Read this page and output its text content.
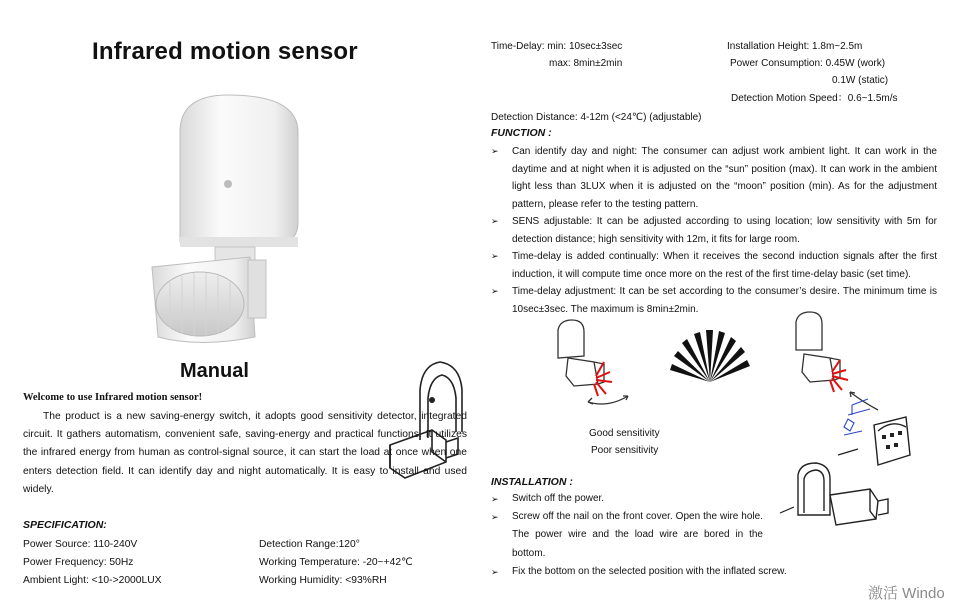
Infrared motion sensor
Manual
Welcome to use Infrared motion sensor!

The product is a new saving-energy switch, it adopts good sensitivity detector, integrated circuit. It gathers automatism, convenient safe, saving-energy and practical functions. It utilizes the infrared energy from human as control-signal source, it can start the load at once when one enters detection field. It can identify day and night automatically. It is easy to install and used widely.

SPECIFICATION:
Power Source: 110-240V
Power Frequency: 50Hz
Ambient Light: <10->2000LUX
Detection Range:120°
Working Temperature: -20~+42℃
Working Humidity: <93%RH
Time-Delay: min: 10sec±3sec
max: 8min±2min
Installation Height: 1.8m~2.5m
Power Consumption: 0.45W (work)
0.1W (static)
Detection Motion Speed：0.6~1.5m/s
Detection Distance: 4-12m (<24℃) (adjustable)
FUNCTION :
➢ Can identify day and night: The consumer can adjust work ambient light. It can work in the daytime and at night when it is adjusted on the “sun” position (max). It can work in the ambient light less than 3LUX when it is adjusted on the “moon” position (min). As for the adjustment pattern, please refer to the testing pattern.
➢ SENS adjustable: It can be adjusted according to using location; low sensitivity with 5m for detection distance; high sensitivity with 12m, it fits for large room.
➢ Time-delay is added continually: When it receives the second induction signals after the first induction, it will compute time once more on the rest of the first time-delay basic (set time).
➢ Time-delay adjustment: It can be set according to the consumer’s desire. The minimum time is 10sec±3sec. The maximum is 8min±2min.
Good sensitivity
Poor sensitivity
INSTALLATION :
➢ Switch off the power.
➢ Screw off the nail on the front cover. Open the wire hole. The power wire and the load wire are bored in the bottom.
➢ Fix the bottom on the selected position with the inflated screw.
激活 Windo
